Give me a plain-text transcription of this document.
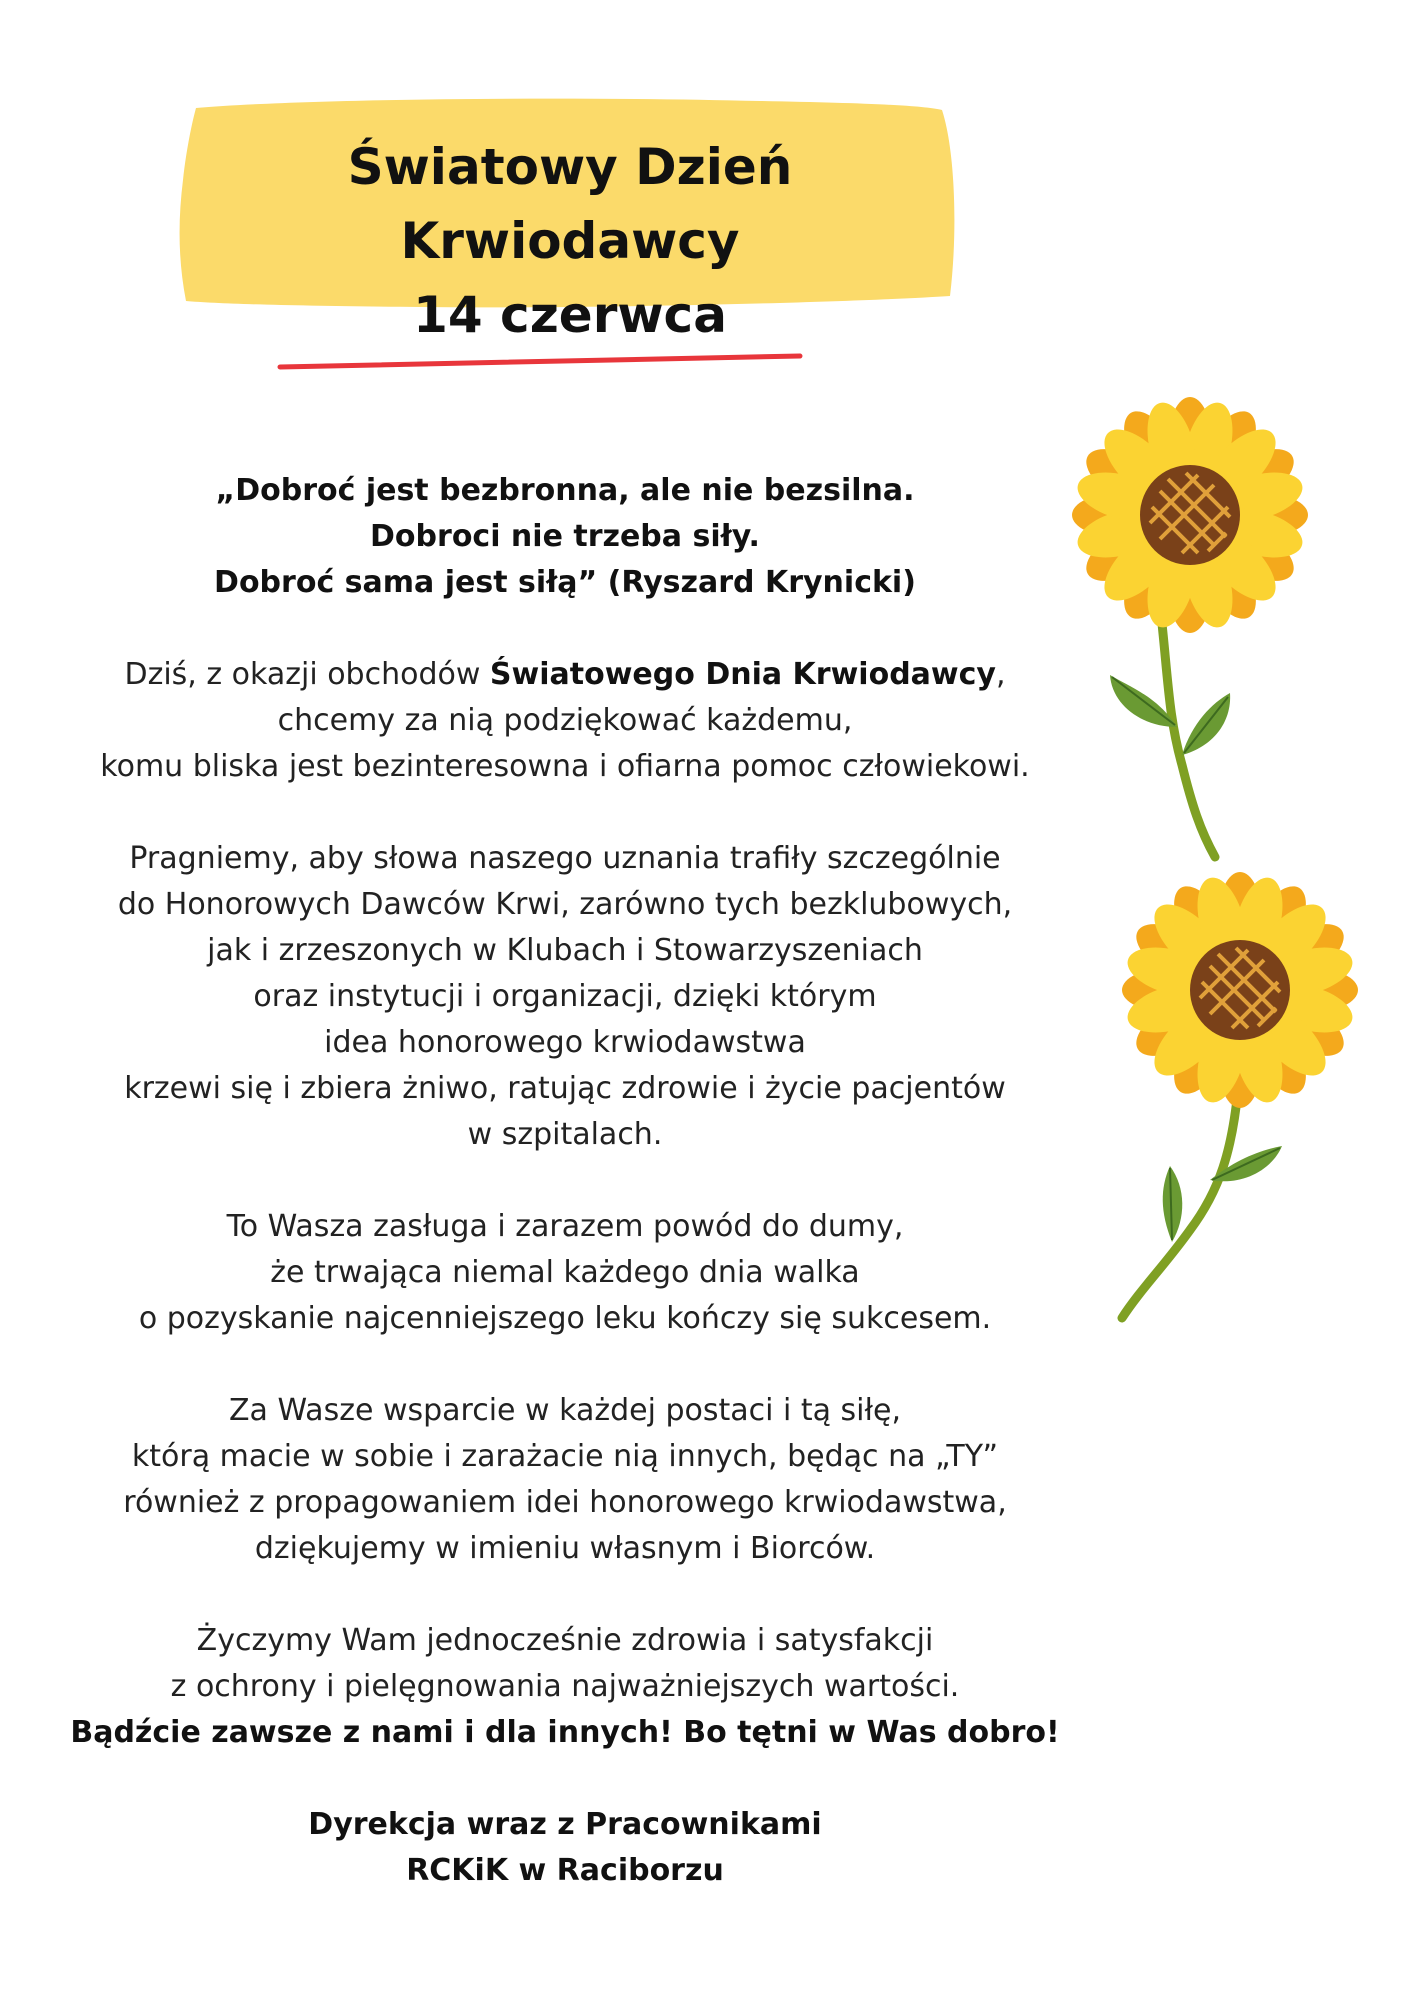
Światowy Dzień Krwiodawcy
14 czerwca
„Dobroć jest bezbronna, ale nie bezsilna.
Dobroci nie trzeba siły.
Dobroć sama jest siłą” (Ryszard Krynicki)
Dziś, z okazji obchodów Światowego Dnia Krwiodawcy,
chcemy za nią podziękować każdemu,
komu bliska jest bezinteresowna i ofiarna pomoc człowiekowi.
Pragniemy, aby słowa naszego uznania trafiły szczególnie
do Honorowych Dawców Krwi, zarówno tych bezklubowych,
jak i zrzeszonych w Klubach i Stowarzyszeniach
oraz instytucji i organizacji, dzięki którym
idea honorowego krwiodawstwa
krzewi się i zbiera żniwo, ratując zdrowie i życie pacjentów
w szpitalach.
To Wasza zasługa i zarazem powód do dumy,
że trwająca niemal każdego dnia walka
o pozyskanie najcenniejszego leku kończy się sukcesem.
Za Wasze wsparcie w każdej postaci i tą siłę,
którą macie w sobie i zarażacie nią innych, będąc na „TY”
również z propagowaniem idei honorowego krwiodawstwa,
dziękujemy w imieniu własnym i Biorców.
Życzymy Wam jednocześnie zdrowia i satysfakcji
z ochrony i pielęgnowania najważniejszych wartości.
Bądźcie zawsze z nami i dla innych! Bo tętni w Was dobro!
Dyrekcja wraz z Pracownikami
RCKiK w Raciborzu
